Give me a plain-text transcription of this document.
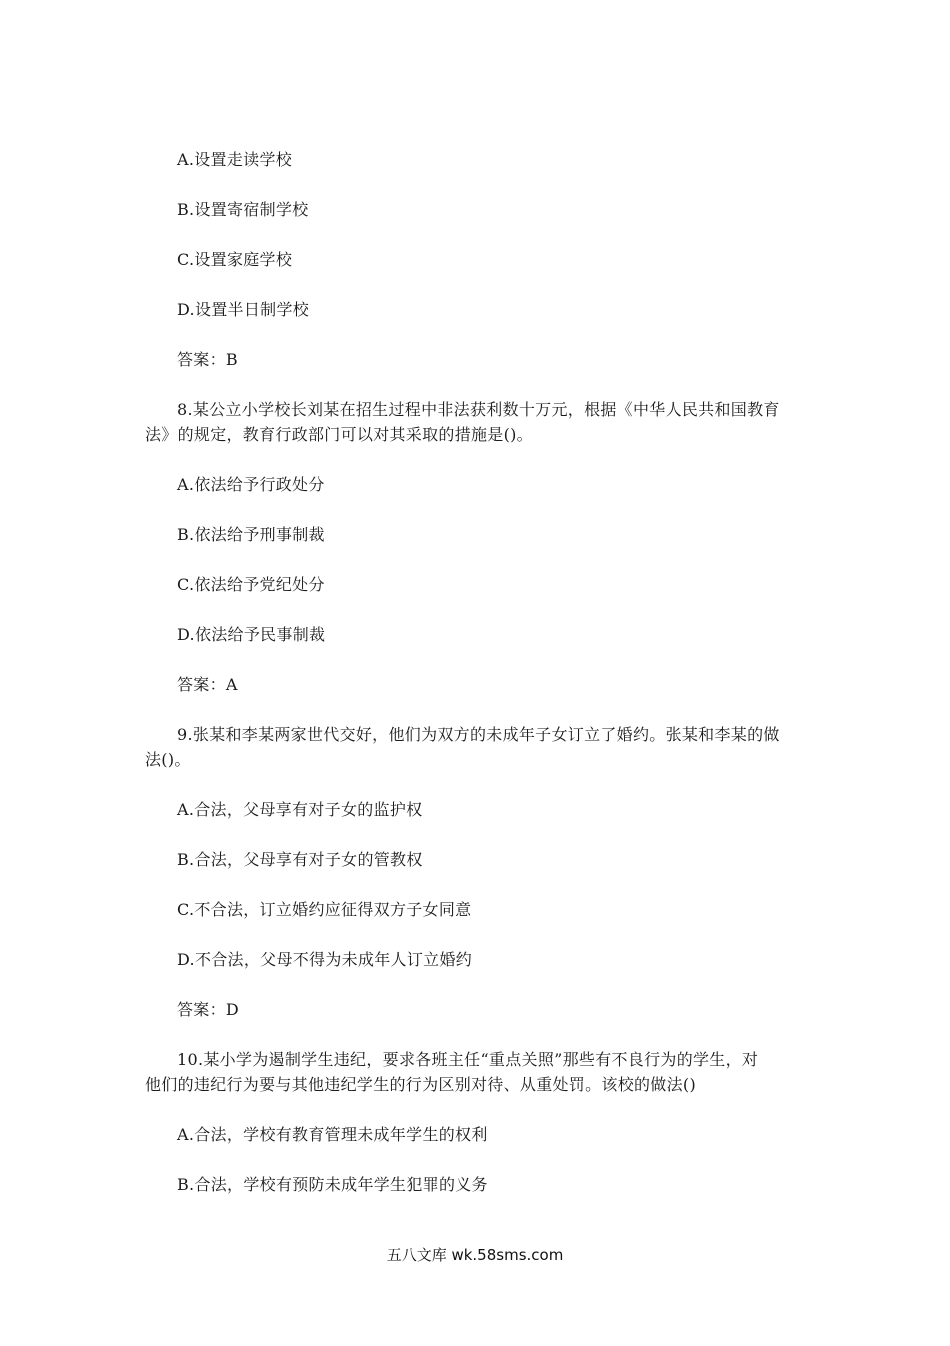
A.设置走读学校
B.设置寄宿制学校
C.设置家庭学校
D.设置半日制学校
答案：B
8.某公立小学校长刘某在招生过程中非法获利数十万元，根据《中华人民共和国教育
法》的规定，教育行政部门可以对其采取的措施是()。
A.依法给予行政处分
B.依法给予刑事制裁
C.依法给予党纪处分
D.依法给予民事制裁
答案：A
9.张某和李某两家世代交好，他们为双方的未成年子女订立了婚约。张某和李某的做
法()。
A.合法，父母享有对子女的监护权
B.合法，父母享有对子女的管教权
C.不合法，订立婚约应征得双方子女同意
D.不合法，父母不得为未成年人订立婚约
答案：D
10.某小学为遏制学生违纪，要求各班主任“重点关照”那些有不良行为的学生，对
他们的违纪行为要与其他违纪学生的行为区别对待、从重处罚。该校的做法()
A.合法，学校有教育管理未成年学生的权利
B.合法，学校有预防未成年学生犯罪的义务
五八文库 wk.58sms.com
